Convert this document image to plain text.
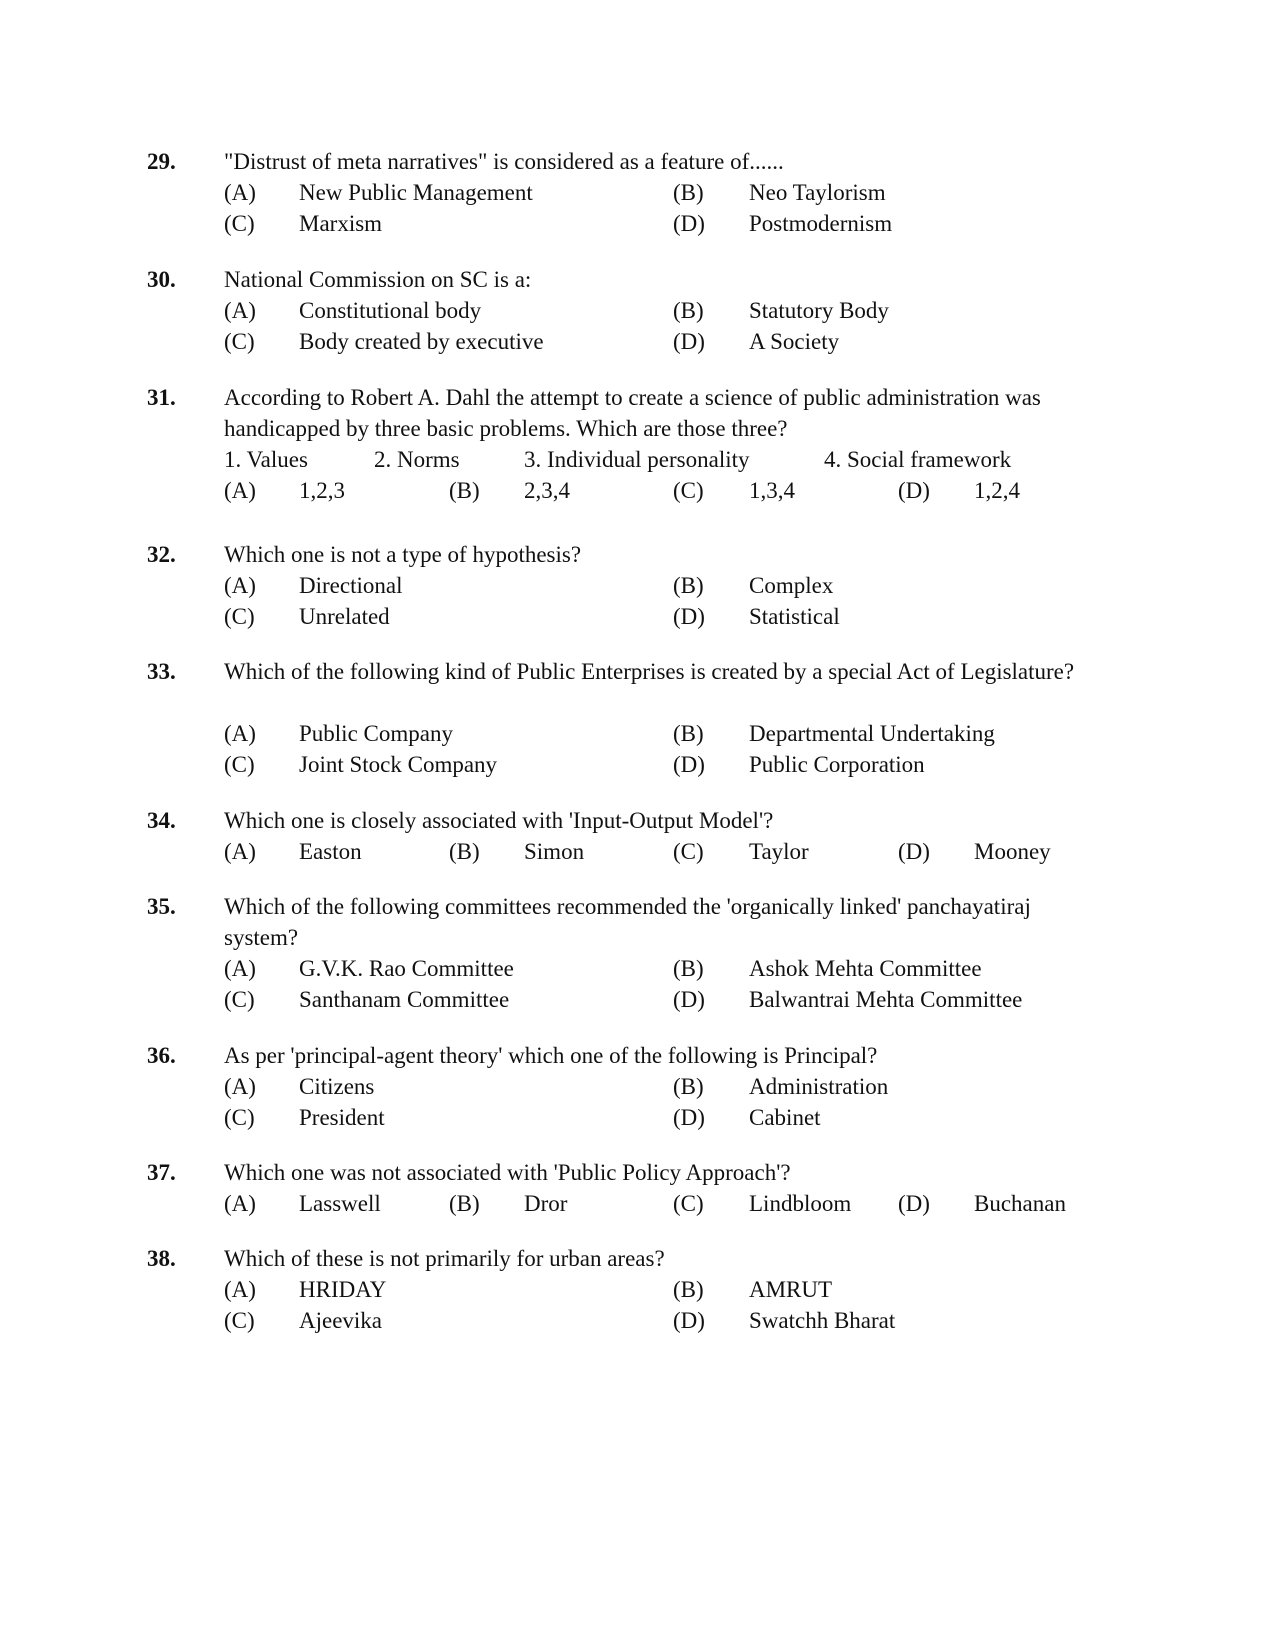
29. "Distrust of meta narratives" is considered as a feature of......
(A) New Public Management	(B) Neo Taylorism
(C) Marxism	(D) Postmodernism
30. National Commission on SC is a:
(A) Constitutional body	(B) Statutory Body
(C) Body created by executive	(D) A Society
31. According to Robert A. Dahl the attempt to create a science of public administration was
handicapped by three basic problems. Which are those three?
1. Values	2. Norms	3. Individual personality	4. Social framework
(A) 1,2,3	(B) 2,3,4	(C) 1,3,4	(D) 1,2,4
32. Which one is not a type of hypothesis?
(A) Directional	(B) Complex
(C) Unrelated	(D) Statistical
33. Which of the following kind of Public Enterprises is created by a special Act of Legislature?
(A) Public Company	(B) Departmental Undertaking
(C) Joint Stock Company	(D) Public Corporation
34. Which one is closely associated with 'Input-Output Model'?
(A) Easton	(B) Simon	(C) Taylor	(D) Mooney
35. Which of the following committees recommended the 'organically linked' panchayatiraj
system?
(A) G.V.K. Rao Committee	(B) Ashok Mehta Committee
(C) Santhanam Committee	(D) Balwantrai Mehta Committee
36. As per 'principal-agent theory' which one of the following is Principal?
(A) Citizens	(B) Administration
(C) President	(D) Cabinet
37. Which one was not associated with 'Public Policy Approach'?
(A) Lasswell	(B) Dror	(C) Lindbloom (D) Buchanan
38. Which of these is not primarily for urban areas?
(A) HRIDAY	(B) AMRUT
(C) Ajeevika	(D) Swatchh Bharat
